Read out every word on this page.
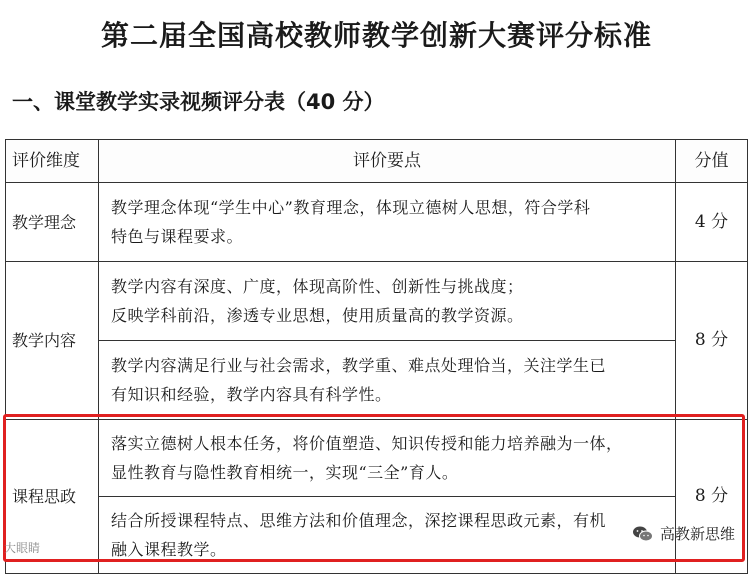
第二届全国高校教师教学创新大赛评分标准
一、课堂教学实录视频评分表（40 分）
评价维度	评价要点	分值
教学理念	教学理念体现“学生中心”教育理念，体现立德树人思想，符合学科
特色与课程要求。	4 分
教学内容	教学内容有深度、广度，体现高阶性、创新性与挑战度；
反映学科前沿，渗透专业思想，使用质量高的教学资源。	8 分

	教学内容满足行业与社会需求，教学重、难点处理恰当，关注学生已
有知识和经验，教学内容具有科学性。	

课程思政	落实立德树人根本任务，将价值塑造、知识传授和能力培养融为一体，
显性教育与隐性教育相统一，实现“三全”育人。	8 分

	结合所授课程特点、思维方法和价值理念，深挖课程思政元素，有机
融入课程教学。	
大眼睛
高教新思维
